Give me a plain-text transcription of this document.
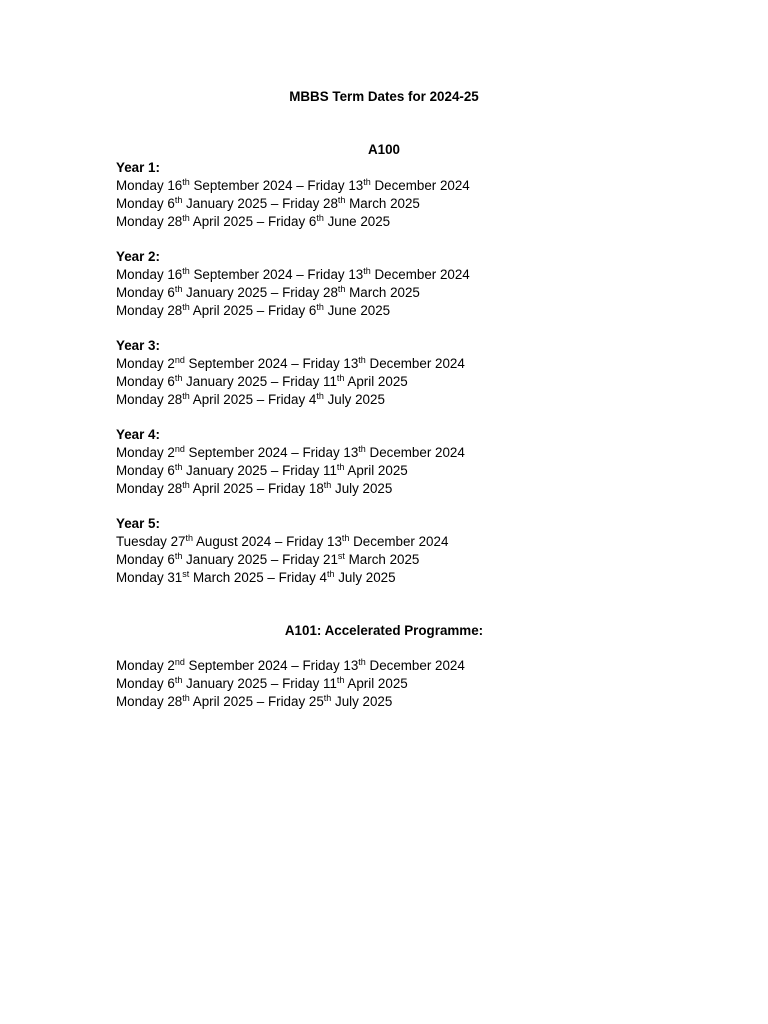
MBBS Term Dates for 2024-25
A100
Year 1:
Monday 16th September 2024 – Friday 13th December 2024
Monday 6th January 2025 – Friday 28th March 2025
Monday 28th April 2025 – Friday 6th June 2025
Year 2:
Monday 16th September 2024 – Friday 13th December 2024
Monday 6th January 2025 – Friday 28th March 2025
Monday 28th April 2025 – Friday 6th June 2025
Year 3:
Monday 2nd September 2024 – Friday 13th December 2024
Monday 6th January 2025 – Friday 11th April 2025
Monday 28th April 2025 – Friday 4th July 2025
Year 4:
Monday 2nd September 2024 – Friday 13th December 2024
Monday 6th January 2025 – Friday 11th April 2025
Monday 28th April 2025 – Friday 18th July 2025
Year 5:
Tuesday 27th August 2024 – Friday 13th December 2024
Monday 6th January 2025 – Friday 21st March 2025
Monday 31st March 2025 – Friday 4th July 2025
A101: Accelerated Programme:
Monday 2nd September 2024 – Friday 13th December 2024
Monday 6th January 2025 – Friday 11th April 2025
Monday 28th April 2025 – Friday 25th July 2025
